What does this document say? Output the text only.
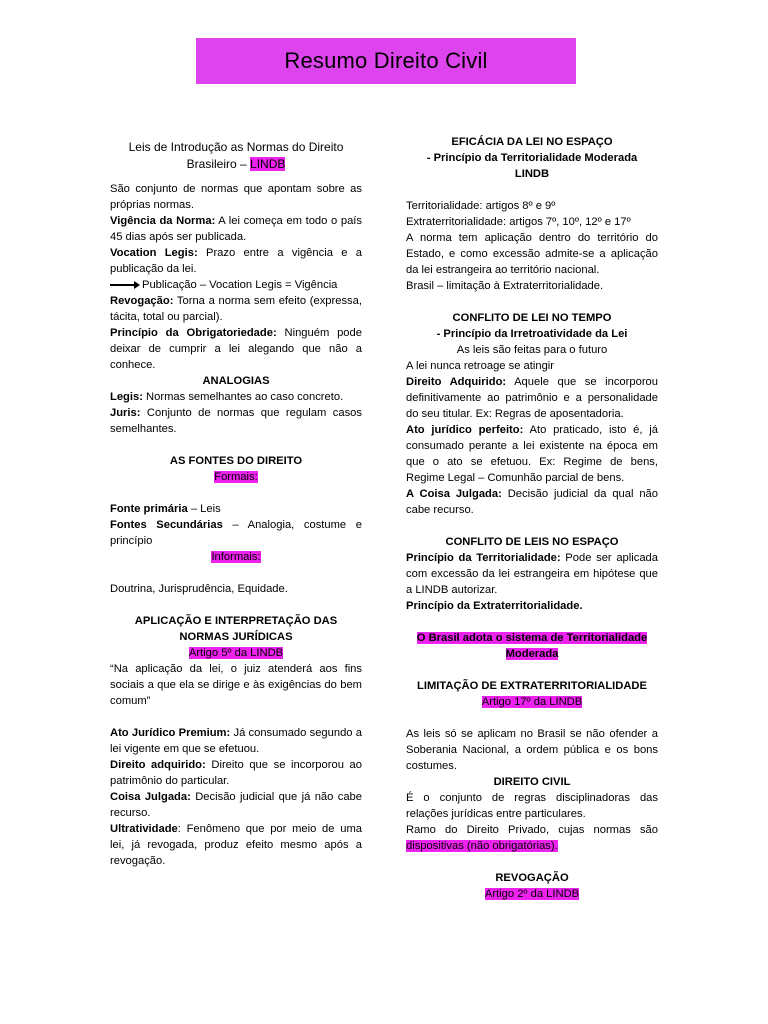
Resumo Direito Civil

Leis de Introdução as Normas do Direito Brasileiro – LINDB

São conjunto de normas que apontam sobre as próprias normas.

Vigência da Norma: A lei começa em todo o país 45 dias após ser publicada.

Vocation Legis: Prazo entre a vigência e a publicação da lei.

Publicação – Vocation Legis = Vigência

Revogação: Torna a norma sem efeito (expressa, tácita, total ou parcial).

Princípio da Obrigatoriedade: Ninguém pode deixar de cumprir a lei alegando que não a conhece.

ANALOGIAS

Legis: Normas semelhantes ao caso concreto.

Juris: Conjunto de normas que regulam casos semelhantes.

AS FONTES DO DIREITO

Formais:

Fonte primária – Leis

Fontes Secundárias – Analogia, costume e princípio

Informais:

Doutrina, Jurisprudência, Equidade.

APLICAÇÃO E INTERPRETAÇÃO DAS NORMAS JURÍDICAS

Artigo 5º da LINDB

“Na aplicação da lei, o juiz atenderá aos fins sociais a que ela se dirige e às exigências do bem comum”

Ato Jurídico Premium: Já consumado segundo a lei vigente em que se efetuou.

Direito adquirido: Direito que se incorporou ao patrimônio do particular.

Coisa Julgada: Decisão judicial que já não cabe recurso.

Ultratividade: Fenômeno que por meio de uma lei, já revogada, produz efeito mesmo após a revogação.

EFICÁCIA DA LEI NO ESPAÇO

- Princípio da Territorialidade Moderada

LINDB

Territorialidade: artigos 8º e 9º

Extraterritorialidade: artigos 7º, 10º, 12º e 17º

A norma tem aplicação dentro do território do Estado, e como excessão admite-se a aplicação da lei estrangeira ao território nacional.

Brasil – limitação à Extraterritorialidade.

CONFLITO DE LEI NO TEMPO

- Princípio da Irretroatividade da Lei

As leis são feitas para o futuro

A lei nunca retroage se atingir

Direito Adquirido: Aquele que se incorporou definitivamente ao patrimônio e a personalidade do seu titular. Ex: Regras de aposentadoria.

Ato jurídico perfeito: Ato praticado, isto é, já consumado perante a lei existente na época em que o ato se efetuou. Ex: Regime de bens, Regime Legal – Comunhão parcial de bens.

A Coisa Julgada: Decisão judicial da qual não cabe recurso.

CONFLITO DE LEIS NO ESPAÇO

Princípio da Territorialidade: Pode ser aplicada com excessão da lei estrangeira em hipótese que a LINDB autorizar.

Princípio da Extraterritorialidade.

O Brasil adota o sistema de Territorialidade Moderada

LIMITAÇÃO DE EXTRATERRITORIALIDADE

Artigo 17º da LINDB

As leis só se aplicam no Brasil se não ofender a Soberania Nacional, a ordem pública e os bons costumes.

DIREITO CIVIL

É o conjunto de regras disciplinadoras das relações jurídicas entre particulares.

Ramo do Direito Privado, cujas normas são dispositivas (não obrigatórias).

REVOGAÇÃO

Artigo 2º da LINDB
